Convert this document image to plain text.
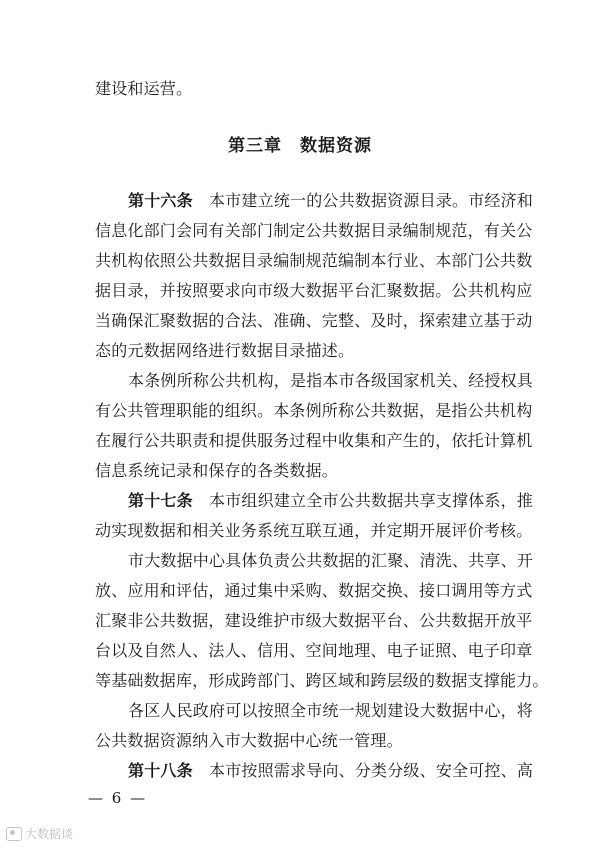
建设和运营。
第三章　数据资源
第十六条  本市建立统一的公共数据资源目录。市经济和
信息化部门会同有关部门制定公共数据目录编制规范，有关公
共机构依照公共数据目录编制规范编制本行业、本部门公共数
据目录，并按照要求向市级大数据平台汇聚数据。公共机构应
当确保汇聚数据的合法、准确、完整、及时，探索建立基于动
态的元数据网络进行数据目录描述。
本条例所称公共机构，是指本市各级国家机关、经授权具
有公共管理职能的组织。本条例所称公共数据，是指公共机构
在履行公共职责和提供服务过程中收集和产生的，依托计算机
信息系统记录和保存的各类数据。
第十七条  本市组织建立全市公共数据共享支撑体系，推
动实现数据和相关业务系统互联互通，并定期开展评价考核。
市大数据中心具体负责公共数据的汇聚、清洗、共享、开
放、应用和评估，通过集中采购、数据交换、接口调用等方式
汇聚非公共数据，建设维护市级大数据平台、公共数据开放平
台以及自然人、法人、信用、空间地理、电子证照、电子印章
等基础数据库，形成跨部门、跨区域和跨层级的数据支撑能力。
各区人民政府可以按照全市统一规划建设大数据中心，将
公共数据资源纳入市大数据中心统一管理。
第十八条  本市按照需求导向、分类分级、安全可控、高
— 6 —
大数据谈
